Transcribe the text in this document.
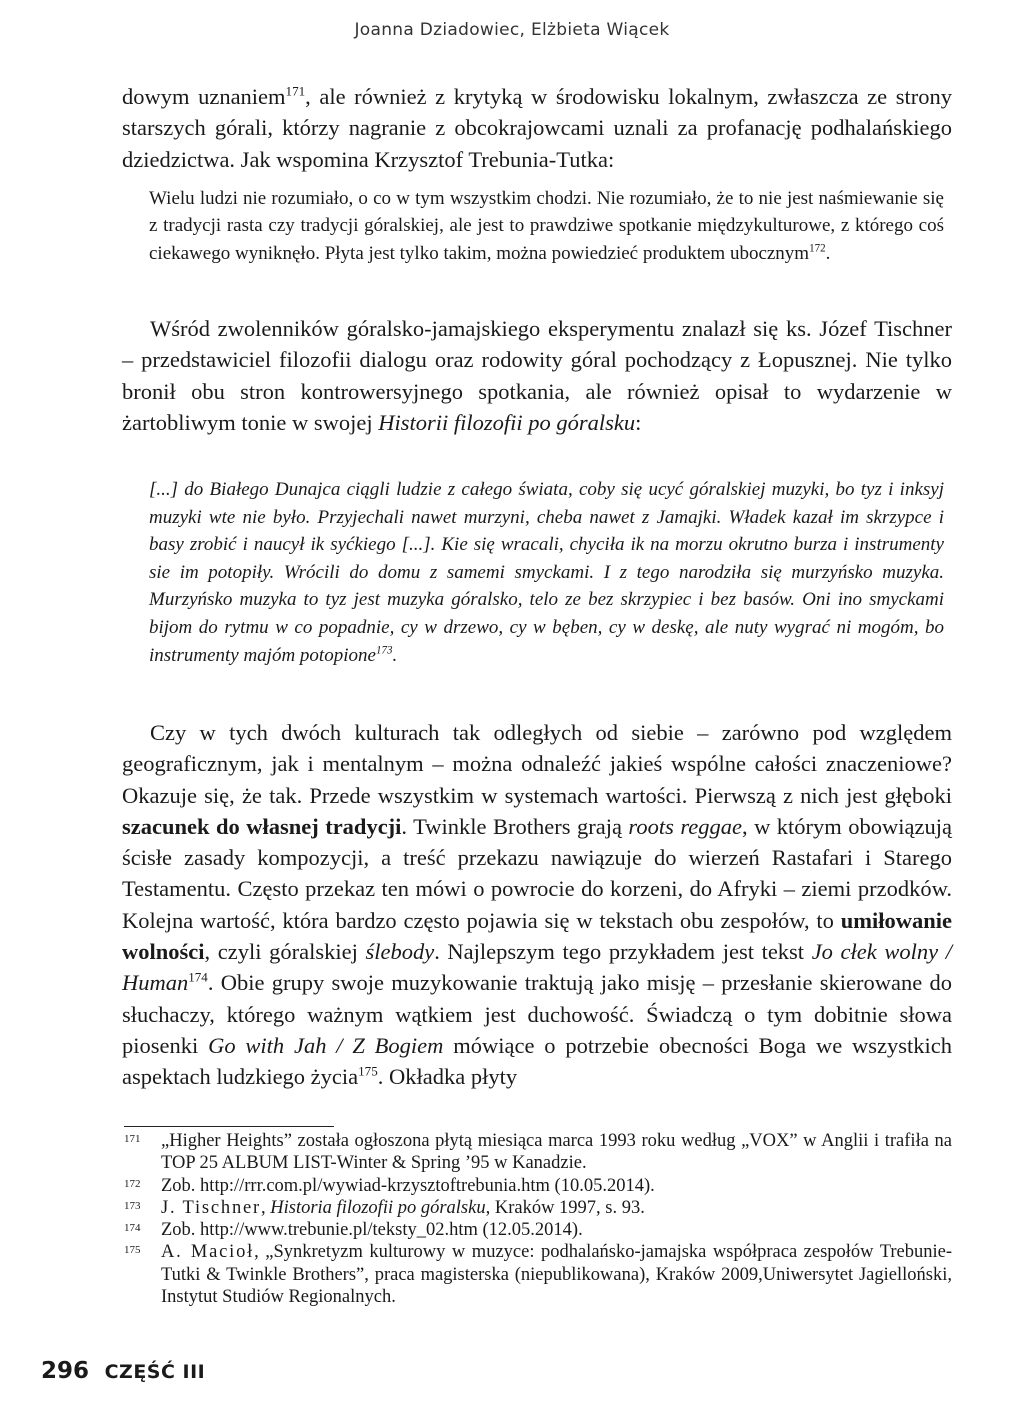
Joanna Dziadowiec, Elżbieta Wiącek

dowym uznaniem$^{171}$, ale również z krytyką w środowisku lokalnym, zwłaszcza ze strony starszych górali, którzy nagranie z obcokrajowcami uznali za profanację podhalańskiego dziedzictwa. Jak wspomina Krzysztof Trebunia-Tutka:

Wielu ludzi nie rozumiało, o co w tym wszystkim chodzi. Nie rozumiało, że to nie jest naśmiewanie się z tradycji rasta czy tradycji góralskiej, ale jest to prawdziwe spotkanie międzykulturowe, z którego coś ciekawego wyniknęło. Płyta jest tylko takim, można powiedzieć produktem ubocznym$^{172}$.

Wśród zwolenników góralsko-jamajskiego eksperymentu znalazł się ks. Józef Tischner – przedstawiciel filozofii dialogu oraz rodowity góral pochodzący z Łopusznej. Nie tylko bronił obu stron kontrowersyjnego spotkania, ale również opisał to wydarzenie w żartobliwym tonie w swojej Historii filozofii po góralsku:

[...] do Białego Dunajca ciągli ludzie z całego świata, coby się ucyć góralskiej muzyki, bo tyz i inksyj muzyki wte nie było. Przyjechali nawet murzyni, cheba nawet z Jamajki. Władek kazał im skrzypce i basy zrobić i naucył ik syćkiego [...]. Kie się wracali, chyciła ik na morzu okrutno burza i instrumenty sie im potopiły. Wrócili do domu z samemi smyckami. I z tego narodziła się murzyńsko muzyka. Murzyńsko muzyka to tyz jest muzyka góralsko, telo ze bez skrzypiec i bez basów. Oni ino smyckami bijom do rytmu w co popadnie, cy w drzewo, cy w bęben, cy w deskę, ale nuty wygrać ni mogóm, bo instrumenty majóm potopione$^{173}$.

Czy w tych dwóch kulturach tak odległych od siebie – zarówno pod względem geograficznym, jak i mentalnym – można odnaleźć jakieś wspólne całości znaczeniowe? Okazuje się, że tak. Przede wszystkim w systemach wartości. Pierwszą z nich jest głęboki szacunek do własnej tradycji. Twinkle Brothers grają roots reggae, w którym obowiązują ścisłe zasady kompozycji, a treść przekazu nawiązuje do wierzeń Rastafari i Starego Testamentu. Często przekaz ten mówi o powrocie do korzeni, do Afryki – ziemi przodków. Kolejna wartość, która bardzo często pojawia się w tekstach obu zespołów, to umiłowanie wolności, czyli góralskiej ślebody. Najlepszym tego przykładem jest tekst Jo cłek wolny / Human$^{174}$. Obie grupy swoje muzykowanie traktują jako misję – przesłanie skierowane do słuchaczy, którego ważnym wątkiem jest duchowość. Świadczą o tym dobitnie słowa piosenki Go with Jah / Z Bogiem mówiące o potrzebie obecności Boga we wszystkich aspektach ludzkiego życia$^{175}$. Okładka płyty

171	„Higher Heights” została ogłoszona płytą miesiąca marca 1993 roku według „VOX” w Anglii i trafiła na TOP 25 ALBUM LIST-Winter & Spring ’95 w Kanadzie.
172	Zob. http://rrr.com.pl/wywiad-krzysztoftrebunia.htm (10.05.2014).
173	J. Tischner, Historia filozofii po góralsku, Kraków 1997, s. 93.
174	Zob. http://www.trebunie.pl/teksty_02.htm (12.05.2014).
175	A. Macioł, „Synkretyzm kulturowy w muzyce: podhalańsko-jamajska współpraca zespołów Trebunie-Tutki & Twinkle Brothers”, praca magisterska (niepublikowana), Kraków 2009,Uniwersytet Jagielloński, Instytut Studiów Regionalnych.
296 CZĘŚĆ III
